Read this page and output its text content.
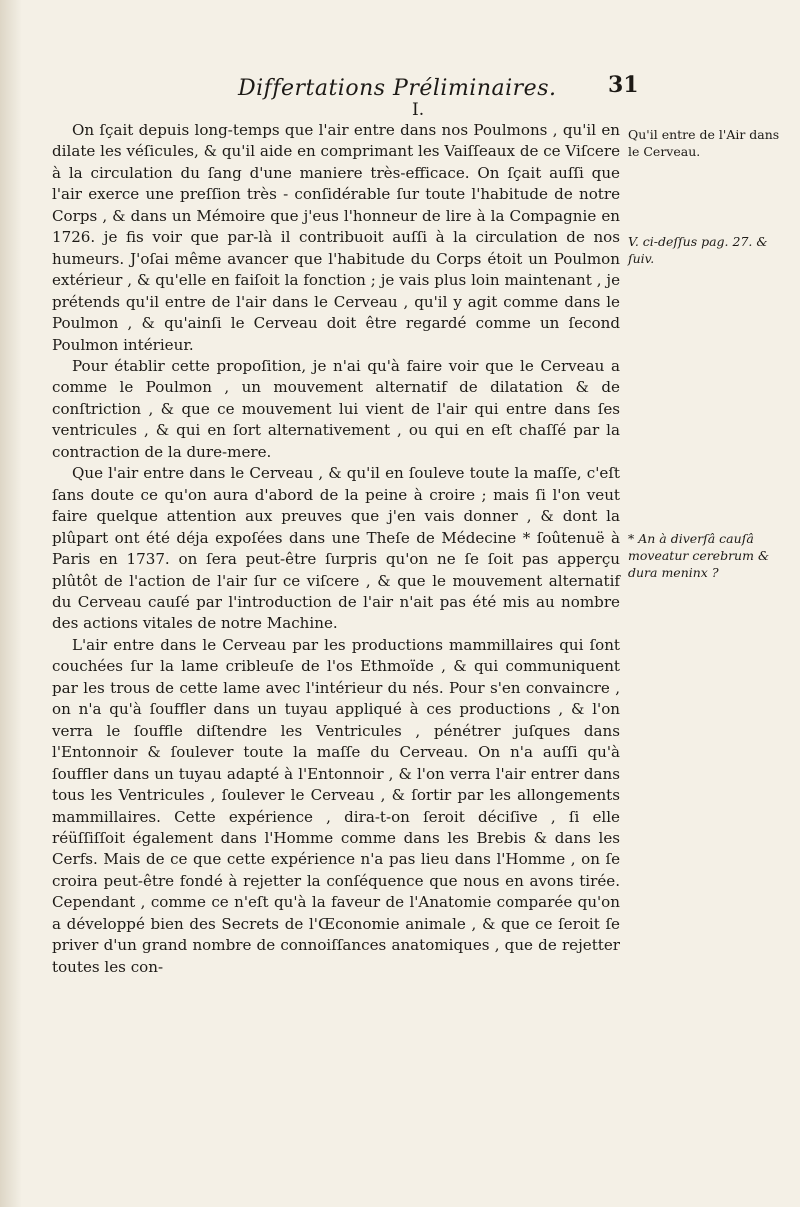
Differtations Préliminaires.	31
I.

On ſçait depuis long-temps que l'air entre dans nos Poulmons , qu'il en dilate les véſicules, & qu'il aide en comprimant les Vaiſſeaux de ce Viſcere à la circulation du ſang d'une maniere très-efficace. On ſçait auſſi que l'air exerce une preſſion très - conſidérable ſur toute l'habitude de notre Corps , & dans un Mémoire que j'eus l'honneur de lire à la Compagnie en 1726. je fis voir que par-là il contribuoit auſſi à la circulation de nos humeurs. J'oſai même avancer que l'habitude du Corps étoit un Poulmon extérieur , & qu'elle en faiſoit la fonction ; je vais plus loin maintenant , je prétends qu'il entre de l'air dans le Cerveau , qu'il y agit comme dans le Poulmon , & qu'ainſi le Cerveau doit être regardé comme un ſecond Poulmon intérieur.

Pour établir cette propoſition, je n'ai qu'à faire voir que le Cerveau a comme le Poulmon , un mouvement alternatif de dilatation & de conſtriction , & que ce mouvement lui vient de l'air qui entre dans ſes ventricules , & qui en ſort alternativement , ou qui en eſt chaſſé par la contraction de la dure-mere.

Que l'air entre dans le Cerveau , & qu'il en ſouleve toute la maſſe, c'eſt ſans doute ce qu'on aura d'abord de la peine à croire ; mais ſi l'on veut faire quelque attention aux preuves que j'en vais donner , & dont la plûpart ont été déja expoſées dans une Theſe de Médecine * ſoûtenuë à Paris en 1737. on ſera peut-être ſurpris qu'on ne ſe ſoit pas apperçu plûtôt de l'action de l'air ſur ce viſcere , & que le mouvement alternatif du Cerveau cauſé par l'introduction de l'air n'ait pas été mis au nombre des actions vitales de notre Machine.

L'air entre dans le Cerveau par les productions mammillaires qui ſont couchées ſur la lame cribleuſe de l'os Ethmoïde , & qui communiquent par les trous de cette lame avec l'intérieur du nés. Pour s'en convaincre , on n'a qu'à ſouffler dans un tuyau appliqué à ces productions , & l'on verra le ſouffle diſtendre les Ventricules , pénétrer juſques dans l'Entonnoir & ſoulever toute la maſſe du Cerveau. On n'a auſſi qu'à ſouffler dans un tuyau adapté à l'Entonnoir , & l'on verra l'air entrer dans tous les Ventricules , ſoulever le Cerveau , & ſortir par les allongements mammillaires. Cette expérience , dira-t-on ſeroit déciſive , ſi elle réüſſiſſoit également dans l'Homme comme dans les Brebis & dans les Cerfs. Mais de ce que cette expérience n'a pas lieu dans l'Homme , on ſe croira peut-être fondé à rejetter la conſéquence que nous en avons tirée. Cependant , comme ce n'eſt qu'à la faveur de l'Anatomie comparée qu'on a développé bien des Secrets de l'Œconomie animale , & que ce ſeroit ſe priver d'un grand nombre de connoiſſances anatomiques , que de rejetter toutes les con-

Qu'il entre de l'Air dans le Cerveau.
V. ci-deſſus pag. 27. & ſuiv.
* An à diverſâ cauſâ moveatur cerebrum & dura meninx ?
